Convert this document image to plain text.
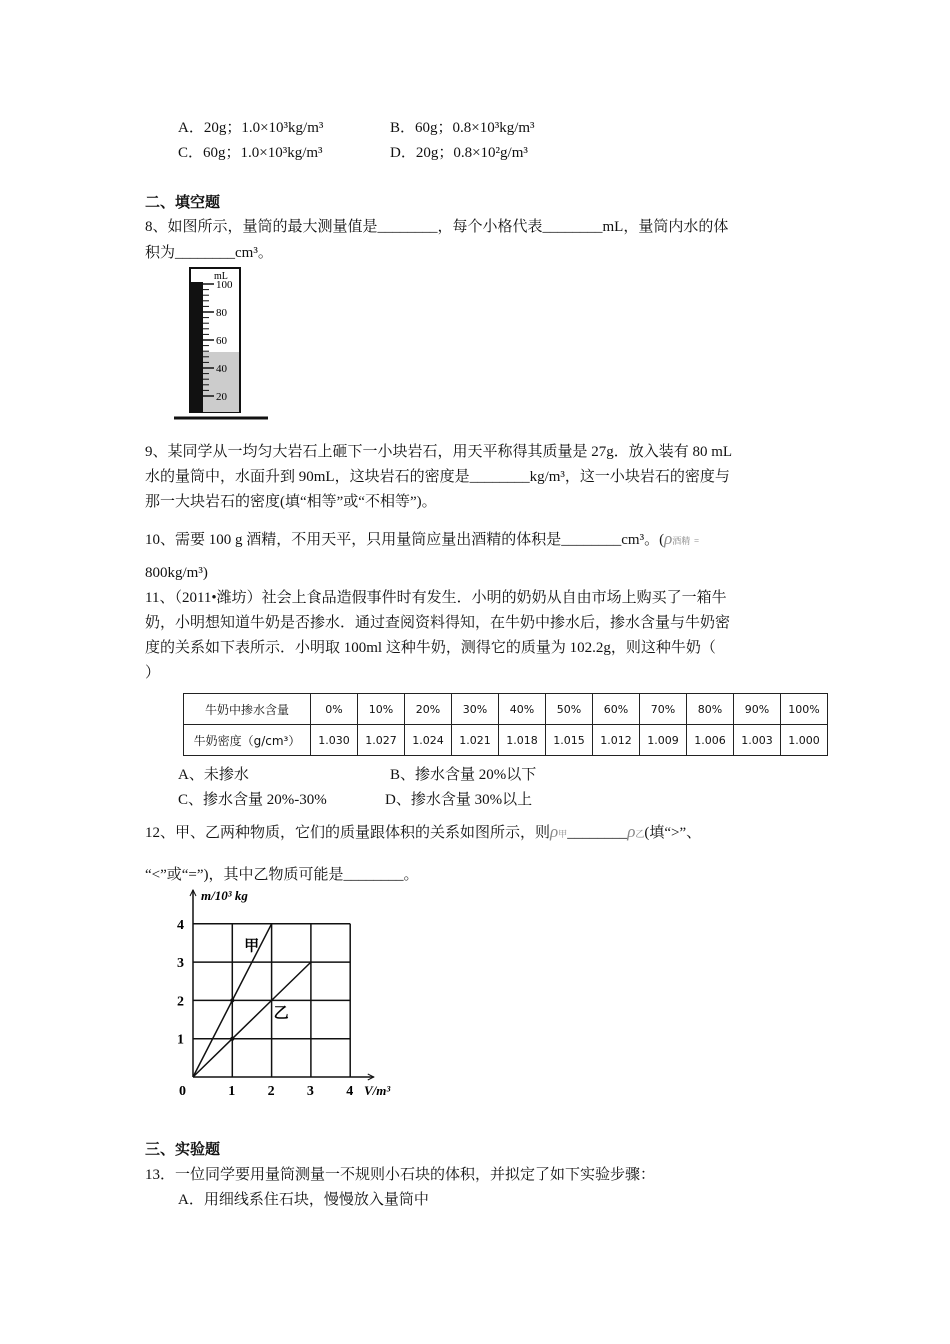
A．20g；1.0×10³kg/m³	B．60g；0.8×10³kg/m³
C．60g；1.0×10³kg/m³	D．20g；0.8×10²g/m³
二、填空题
8、如图所示，量筒的最大测量值是________，每个小格代表________mL，量筒内水的体
积为________cm³。
mL
100
80
60
40
20
9、某同学从一均匀大岩石上砸下一小块岩石，用天平称得其质量是 27g．放入装有 80 mL
水的量筒中，水面升到 90mL，这块岩石的密度是________kg/m³，这一小块岩石的密度与
那一大块岩石的密度(填“相等”或“不相等”)。
10、需要 100 g 酒精，不用天平，只用量筒应量出酒精的体积是________cm³。(ρ酒精 =
800kg/m³)
11、（2011•潍坊）社会上食品造假事件时有发生．小明的奶奶从自由市场上购买了一箱牛
奶，小明想知道牛奶是否掺水．通过查阅资料得知，在牛奶中掺水后，掺水含量与牛奶密
度的关系如下表所示．小明取 100ml 这种牛奶，测得它的质量为 102.2g，则这种牛奶（
）
牛奶中掺水含量	0%	10%	20%	30%	40%	50%	60%	70%	80%	90%	100%
牛奶密度（g/cm³）	1.030	1.027	1.024	1.021	1.018	1.015	1.012	1.009	1.006	1.003	1.000
A、未掺水	B、掺水含量 20%以下
C、掺水含量 20%-30%	D、掺水含量 30%以上
12、甲、乙两种物质，它们的质量跟体积的关系如图所示，则ρ甲________ρ乙(填“>”、
“<”或“=”)，其中乙物质可能是________。
甲
乙
0	1 2 3 4
1
2
3
4
V/m³
m/10³ kg
三、实验题
13．一位同学要用量筒测量一不规则小石块的体积，并拟定了如下实验步骤：
A．用细线系住石块，慢慢放入量筒中
